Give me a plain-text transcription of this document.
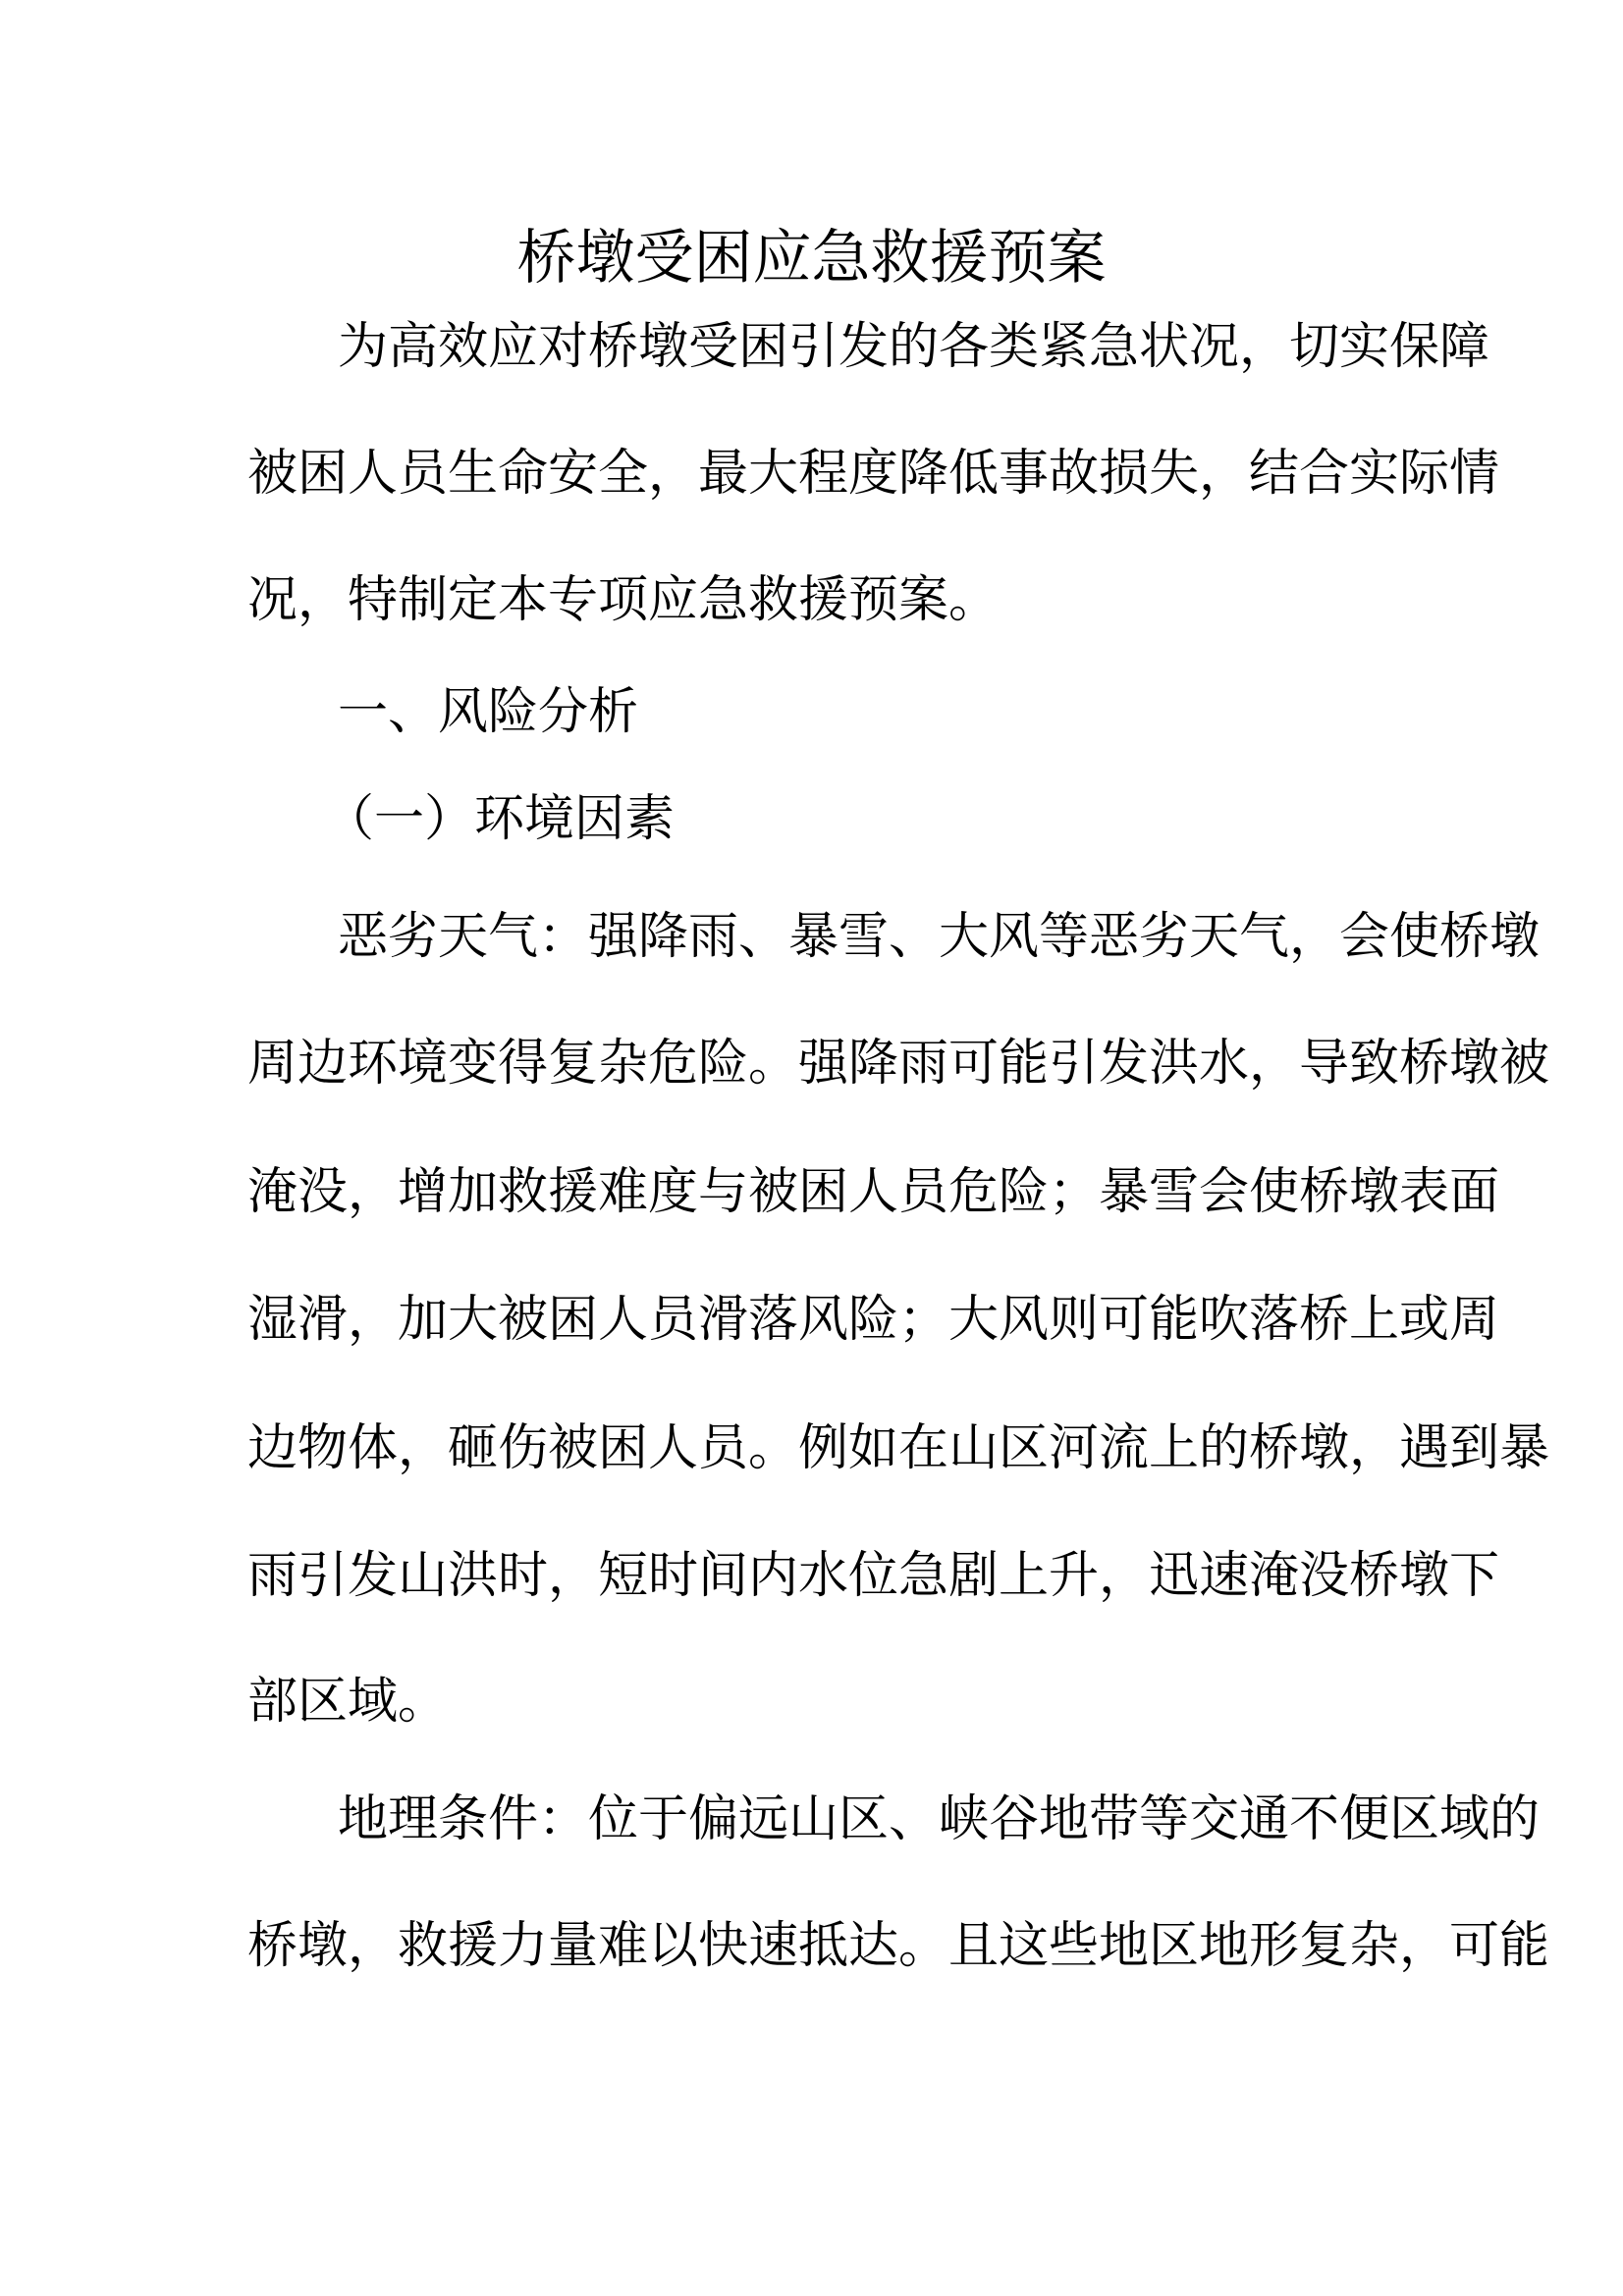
桥墩受困应急救援预案
为高效应对桥墩受困引发的各类紧急状况，切实保障
被困人员生命安全，最大程度降低事故损失，结合实际情
况，特制定本专项应急救援预案。
一、风险分析
（一）环境因素
恶劣天气：强降雨、暴雪、大风等恶劣天气，会使桥墩
周边环境变得复杂危险。强降雨可能引发洪水，导致桥墩被
淹没，增加救援难度与被困人员危险；暴雪会使桥墩表面
湿滑，加大被困人员滑落风险；大风则可能吹落桥上或周
边物体，砸伤被困人员。例如在山区河流上的桥墩，遇到暴
雨引发山洪时，短时间内水位急剧上升，迅速淹没桥墩下
部区域。
地理条件：位于偏远山区、峡谷地带等交通不便区域的
桥墩，救援力量难以快速抵达。且这些地区地形复杂，可能
